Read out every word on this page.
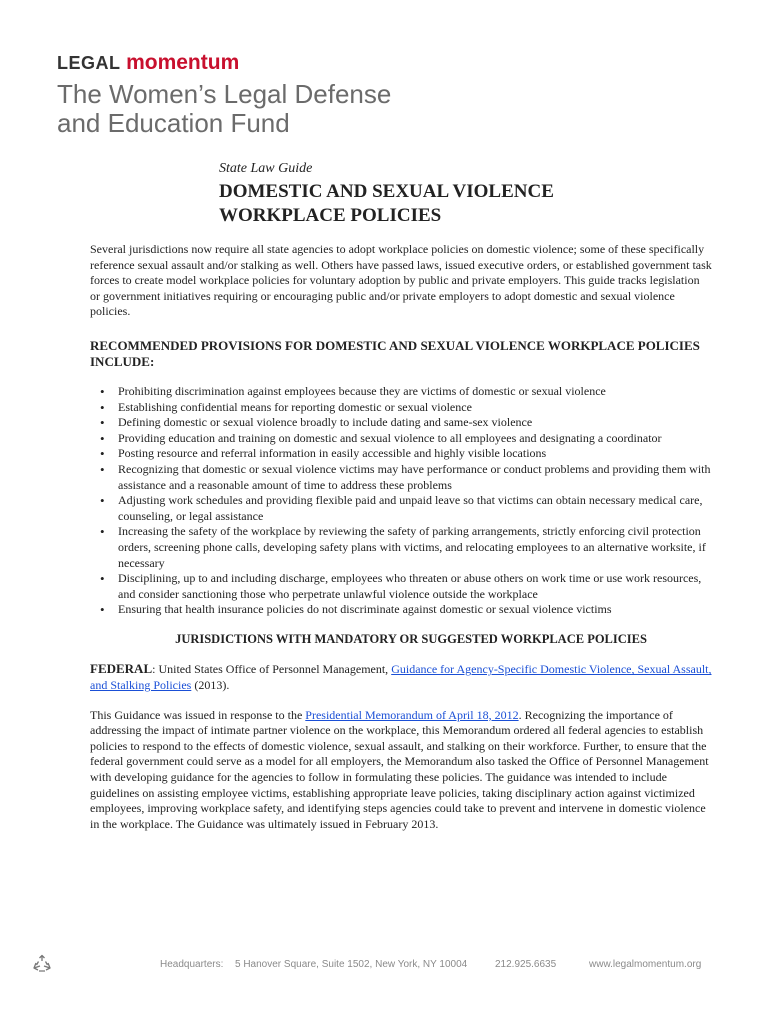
LEGAL momentum
The Women’s Legal Defense
and Education Fund
State Law Guide
DOMESTIC AND SEXUAL VIOLENCE
WORKPLACE POLICIES

Several jurisdictions now require all state agencies to adopt workplace policies on domestic violence; some of these specifically reference sexual assault and/or stalking as well. Others have passed laws, issued executive orders, or established government task forces to create model workplace policies for voluntary adoption by public and private employers. This guide tracks legislation or government initiatives requiring or encouraging public and/or private employers to adopt domestic and sexual violence policies.

RECOMMENDED PROVISIONS FOR DOMESTIC AND SEXUAL VIOLENCE WORKPLACE POLICIES INCLUDE:
• Prohibiting discrimination against employees because they are victims of domestic or sexual violence
• Establishing confidential means for reporting domestic or sexual violence
• Defining domestic or sexual violence broadly to include dating and same-sex violence
• Providing education and training on domestic and sexual violence to all employees and designating a coordinator
• Posting resource and referral information in easily accessible and highly visible locations
• Recognizing that domestic or sexual violence victims may have performance or conduct problems and providing them with assistance and a reasonable amount of time to address these problems
• Adjusting work schedules and providing flexible paid and unpaid leave so that victims can obtain necessary medical care, counseling, or legal assistance
• Increasing the safety of the workplace by reviewing the safety of parking arrangements, strictly enforcing civil protection orders, screening phone calls, developing safety plans with victims, and relocating employees to an alternative worksite, if necessary
• Disciplining, up to and including discharge, employees who threaten or abuse others on work time or use work resources, and consider sanctioning those who perpetrate unlawful violence outside the workplace
• Ensuring that health insurance policies do not discriminate against domestic or sexual violence victims
JURISDICTIONS WITH MANDATORY OR SUGGESTED WORKPLACE POLICIES

FEDERAL: United States Office of Personnel Management, Guidance for Agency-Specific Domestic Violence, Sexual Assault, and Stalking Policies (2013).

This Guidance was issued in response to the Presidential Memorandum of April 18, 2012. Recognizing the importance of addressing the impact of intimate partner violence on the workplace, this Memorandum ordered all federal agencies to establish policies to respond to the effects of domestic violence, sexual assault, and stalking on their workforce. Further, to ensure that the federal government could serve as a model for all employers, the Memorandum also tasked the Office of Personnel Management with developing guidance for the agencies to follow in formulating these policies. The guidance was intended to include guidelines on assisting employee victims, establishing appropriate leave policies, taking disciplinary action against victimized employees, improving workplace safety, and identifying steps agencies could take to prevent and intervene in domestic violence in the workplace. The Guidance was ultimately issued in February 2013.

Headquarters: 5 Hanover Square, Suite 1502, New York, NY 10004	212.925.6635	www.legalmomentum.org
